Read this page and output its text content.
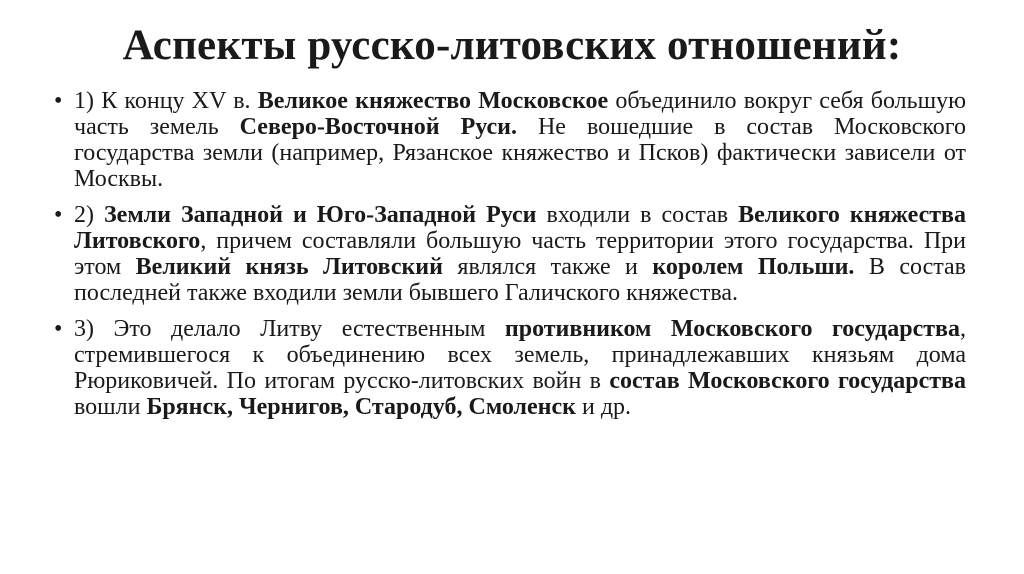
Аспекты русско-литовских отношений:
• 1) К концу XV в. Великое княжество Московское объединило вокруг себя большую часть земель Северо-Восточной Руси. Не вошедшие в состав Московского государства земли (например, Рязанское княжество и Псков) фактически зависели от Москвы.
• 2) Земли Западной и Юго-Западной Руси входили в состав Великого княжества Литовского, причем составляли большую часть территории этого государства. При этом Великий князь Литовский являлся также и королем Польши. В состав последней также входили земли бывшего Галичского княжества.
• 3) Это делало Литву естественным противником Московского государства, стремившегося к объединению всех земель, принадлежавших князьям дома Рюриковичей. По итогам русско-литовских войн в состав Московского государства вошли Брянск, Чернигов, Стародуб, Смоленск и др.
